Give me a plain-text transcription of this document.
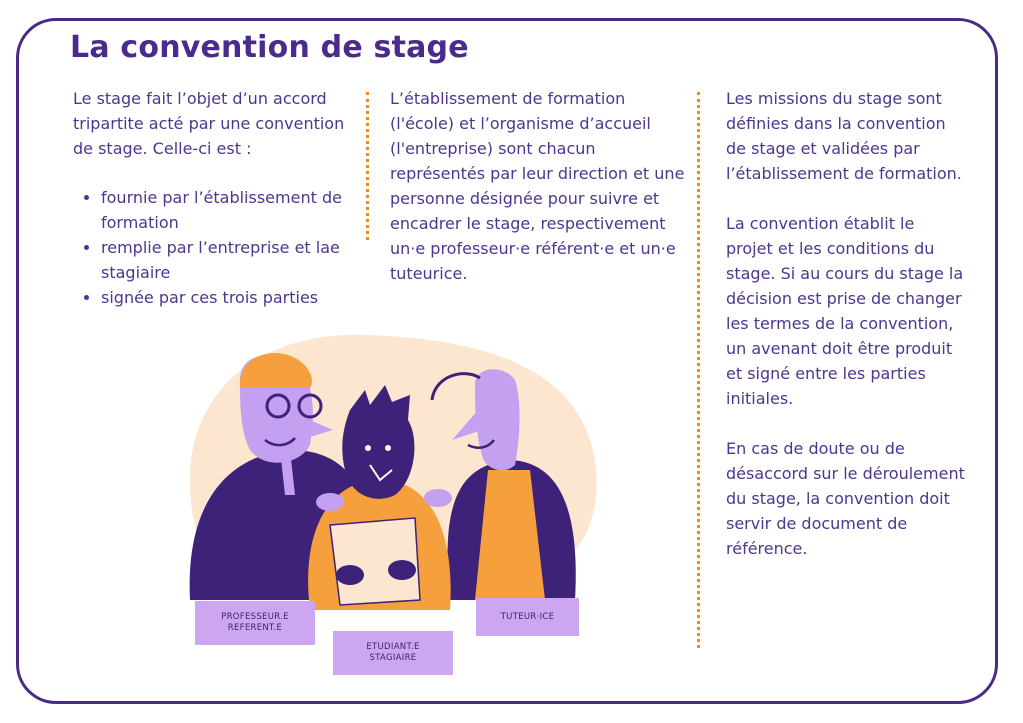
La convention de stage

Le stage fait l’objet d’un accord tripartite acté par une convention de stage. Celle-ci est :

• fournie par l’établissement de formation
• remplie par l’entreprise et lae stagiaire
• signée par ces trois parties

L’établissement de formation (l'école) et l’organisme d’accueil (l'entreprise) sont chacun représentés par leur direction et une personne désignée pour suivre et encadrer le stage, respectivement un·e professeur·e référent·e et un·e tuteurice.

Les missions du stage sont définies dans la convention de stage et validées par l’établissement de formation.

La convention établit le projet et les conditions du stage. Si au cours du stage la décision est prise de changer les termes de la convention, un avenant doit être produit et signé entre les parties initiales.

En cas de doute ou de désaccord sur le déroulement du stage, la convention doit servir de document de référence.

PROFESSEUR.E
REFERENT.E
ETUDIANT.E
STAGIAIRE
TUTEUR·ICE
